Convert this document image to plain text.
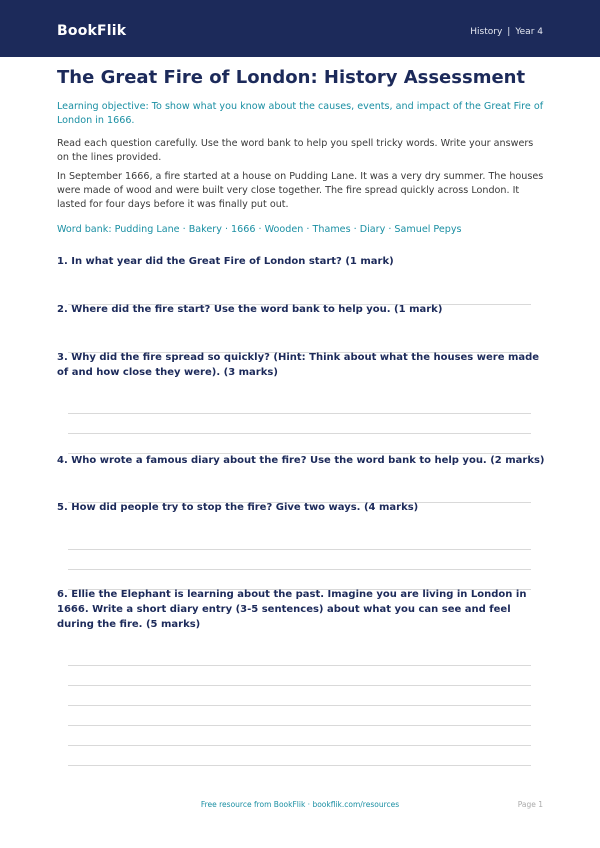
BookFlik	History | Year 4
The Great Fire of London: History Assessment

Learning objective: To show what you know about the causes, events, and impact of the Great Fire of London in 1666.

Read each question carefully. Use the word bank to help you spell tricky words. Write your answers on the lines provided.

In September 1666, a fire started at a house on Pudding Lane. It was a very dry summer. The houses were made of wood and were built very close together. The fire spread quickly across London. It lasted for four days before it was finally put out.

Word bank: Pudding Lane · Bakery · 1666 · Wooden · Thames · Diary · Samuel Pepys

1. In what year did the Great Fire of London start? (1 mark)
2. Where did the fire start? Use the word bank to help you. (1 mark)
3. Why did the fire spread so quickly? (Hint: Think about what the houses were made of and how close they were). (3 marks)
4. Who wrote a famous diary about the fire? Use the word bank to help you. (2 marks)
5. How did people try to stop the fire? Give two ways. (4 marks)
6. Ellie the Elephant is learning about the past. Imagine you are living in London in 1666. Write a short diary entry (3-5 sentences) about what you can see and feel during the fire. (5 marks)
Free resource from BookFlik · bookflik.com/resources	Page 1
